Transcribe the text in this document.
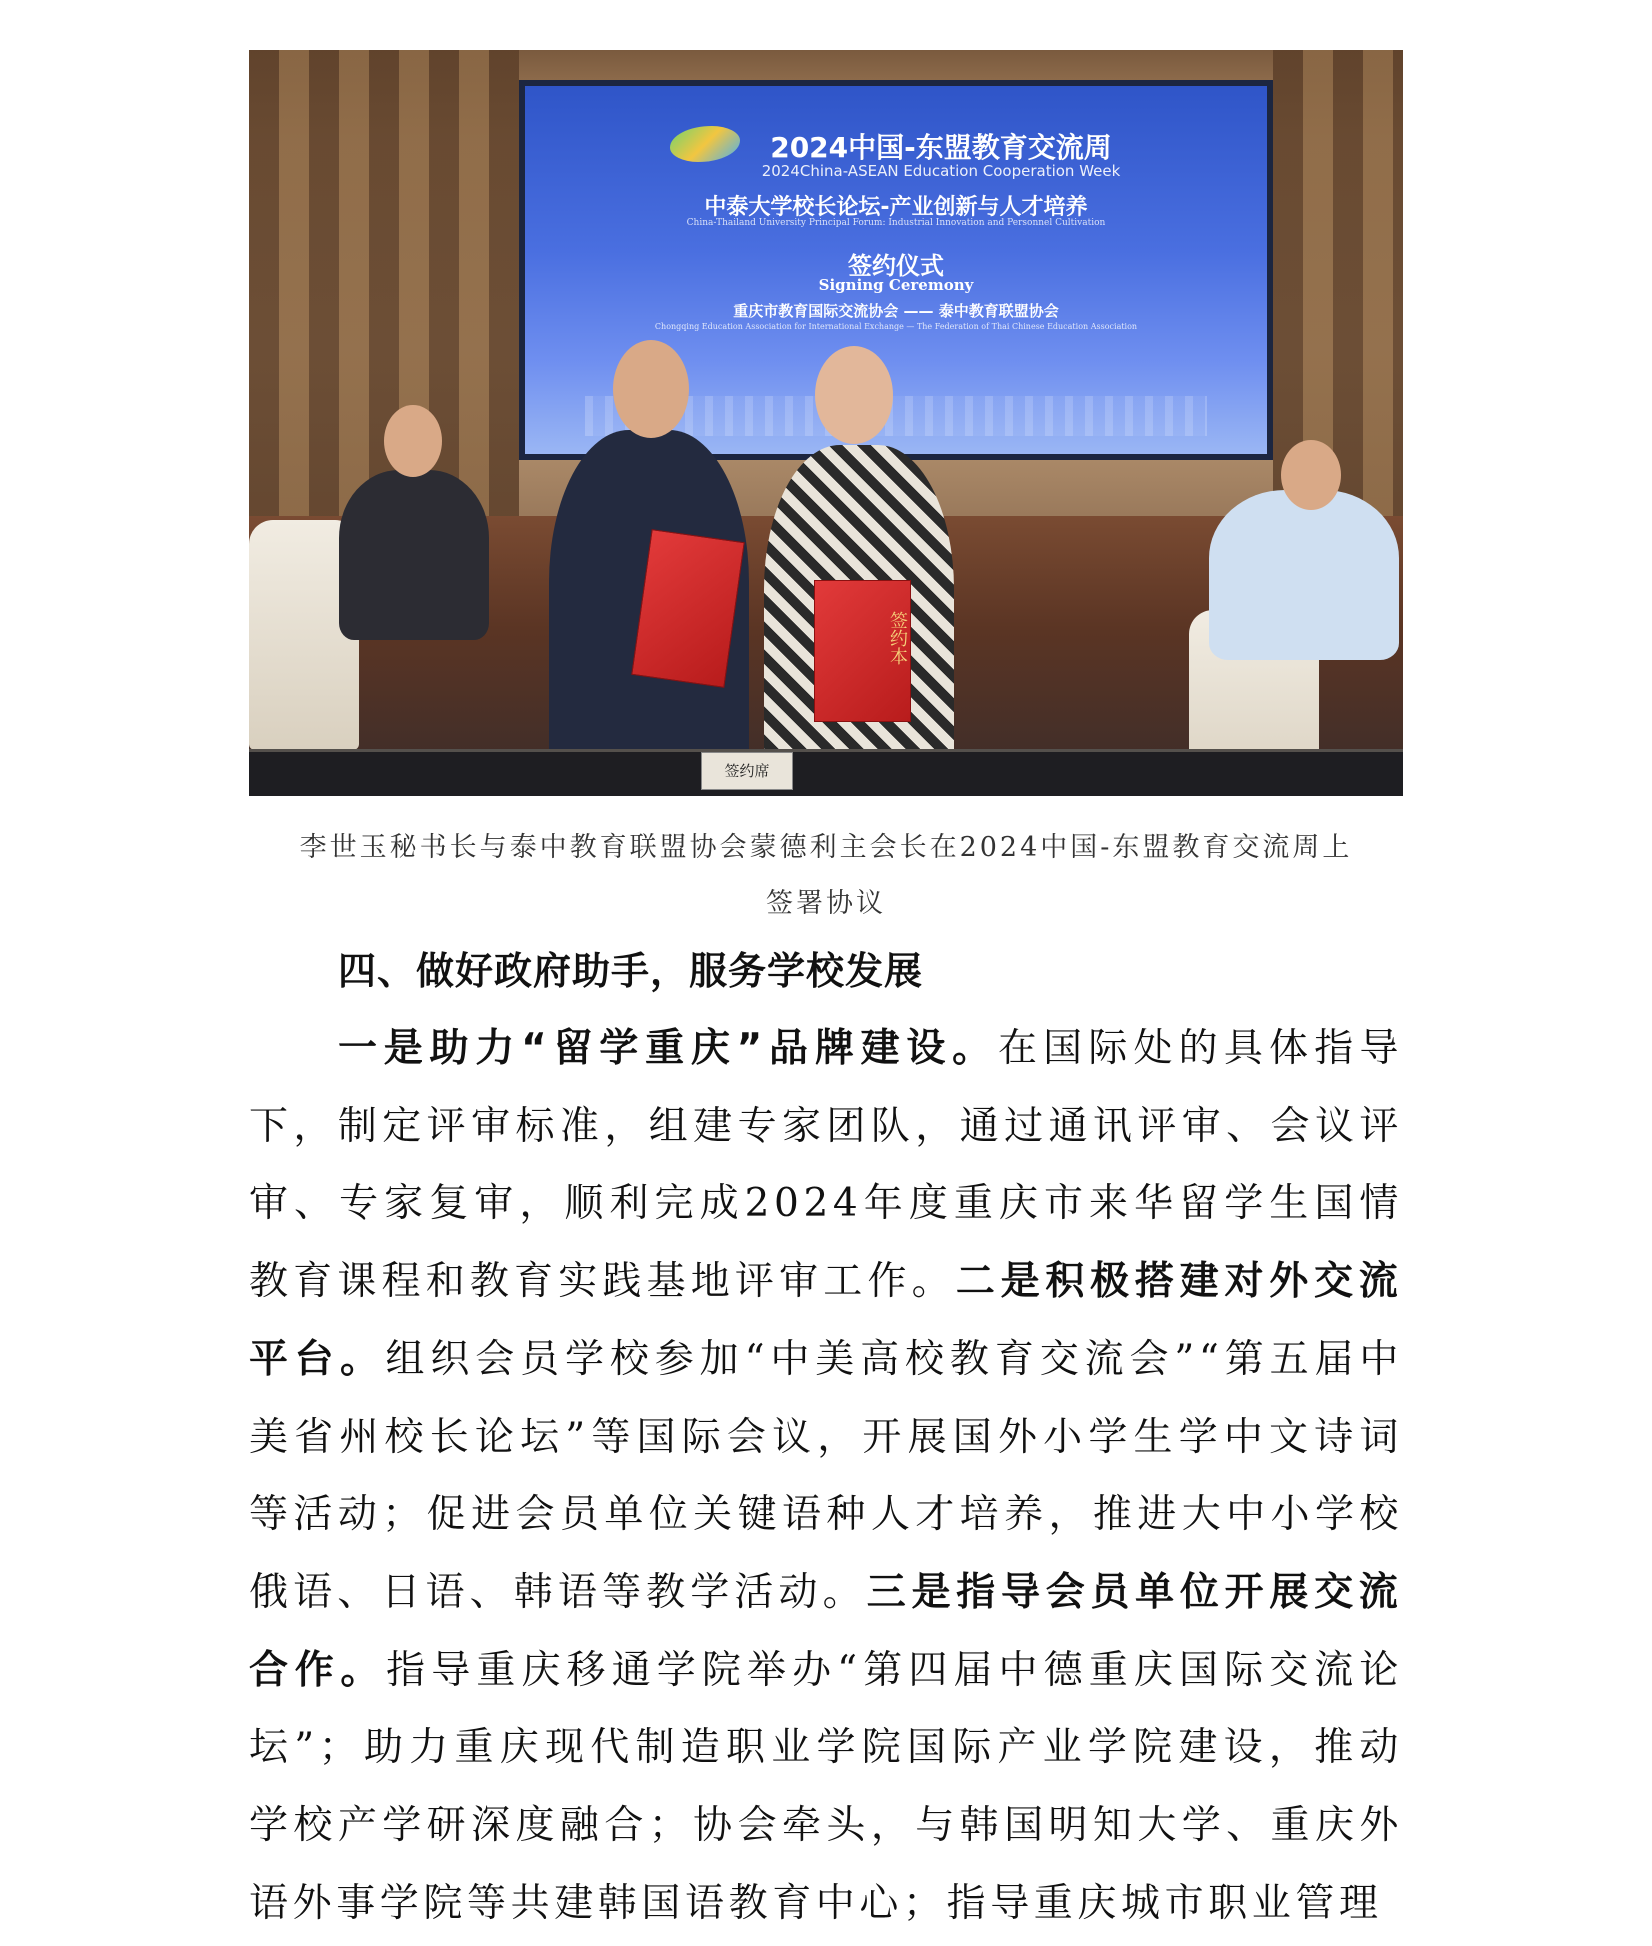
2024中国-东盟教育交流周
2024China-ASEAN Education Cooperation Week
中泰大学校长论坛-产业创新与人才培养
China-Thailand University Principal Forum: Industrial Innovation and Personnel Cultivation
签约仪式
Signing Ceremony
重庆市教育国际交流协会 —— 泰中教育联盟协会
Chongqing Education Association for International Exchange — The Federation of Thai Chinese Education Association
签约本
签约席
李世玉秘书长与泰中教育联盟协会蒙德利主会长在2024中国-东盟教育交流周上
签署协议
四、做好政府助手，服务学校发展
一是助力“留学重庆”品牌建设。在国际处的具体指导下，制定评审标准，组建专家团队，通过通讯评审、会议评审、专家复审，顺利完成2024年度重庆市来华留学生国情教育课程和教育实践基地评审工作。二是积极搭建对外交流平台。组织会员学校参加“中美高校教育交流会”“第五届中美省州校长论坛”等国际会议，开展国外小学生学中文诗词等活动；促进会员单位关键语种人才培养，推进大中小学校俄语、日语、韩语等教学活动。三是指导会员单位开展交流合作。指导重庆移通学院举办“第四届中德重庆国际交流论坛”；助力重庆现代制造职业学院国际产业学院建设，推动学校产学研深度融合；协会牵头，与韩国明知大学、重庆外语外事学院等共建韩国语教育中心；指导重庆城市职业管理
